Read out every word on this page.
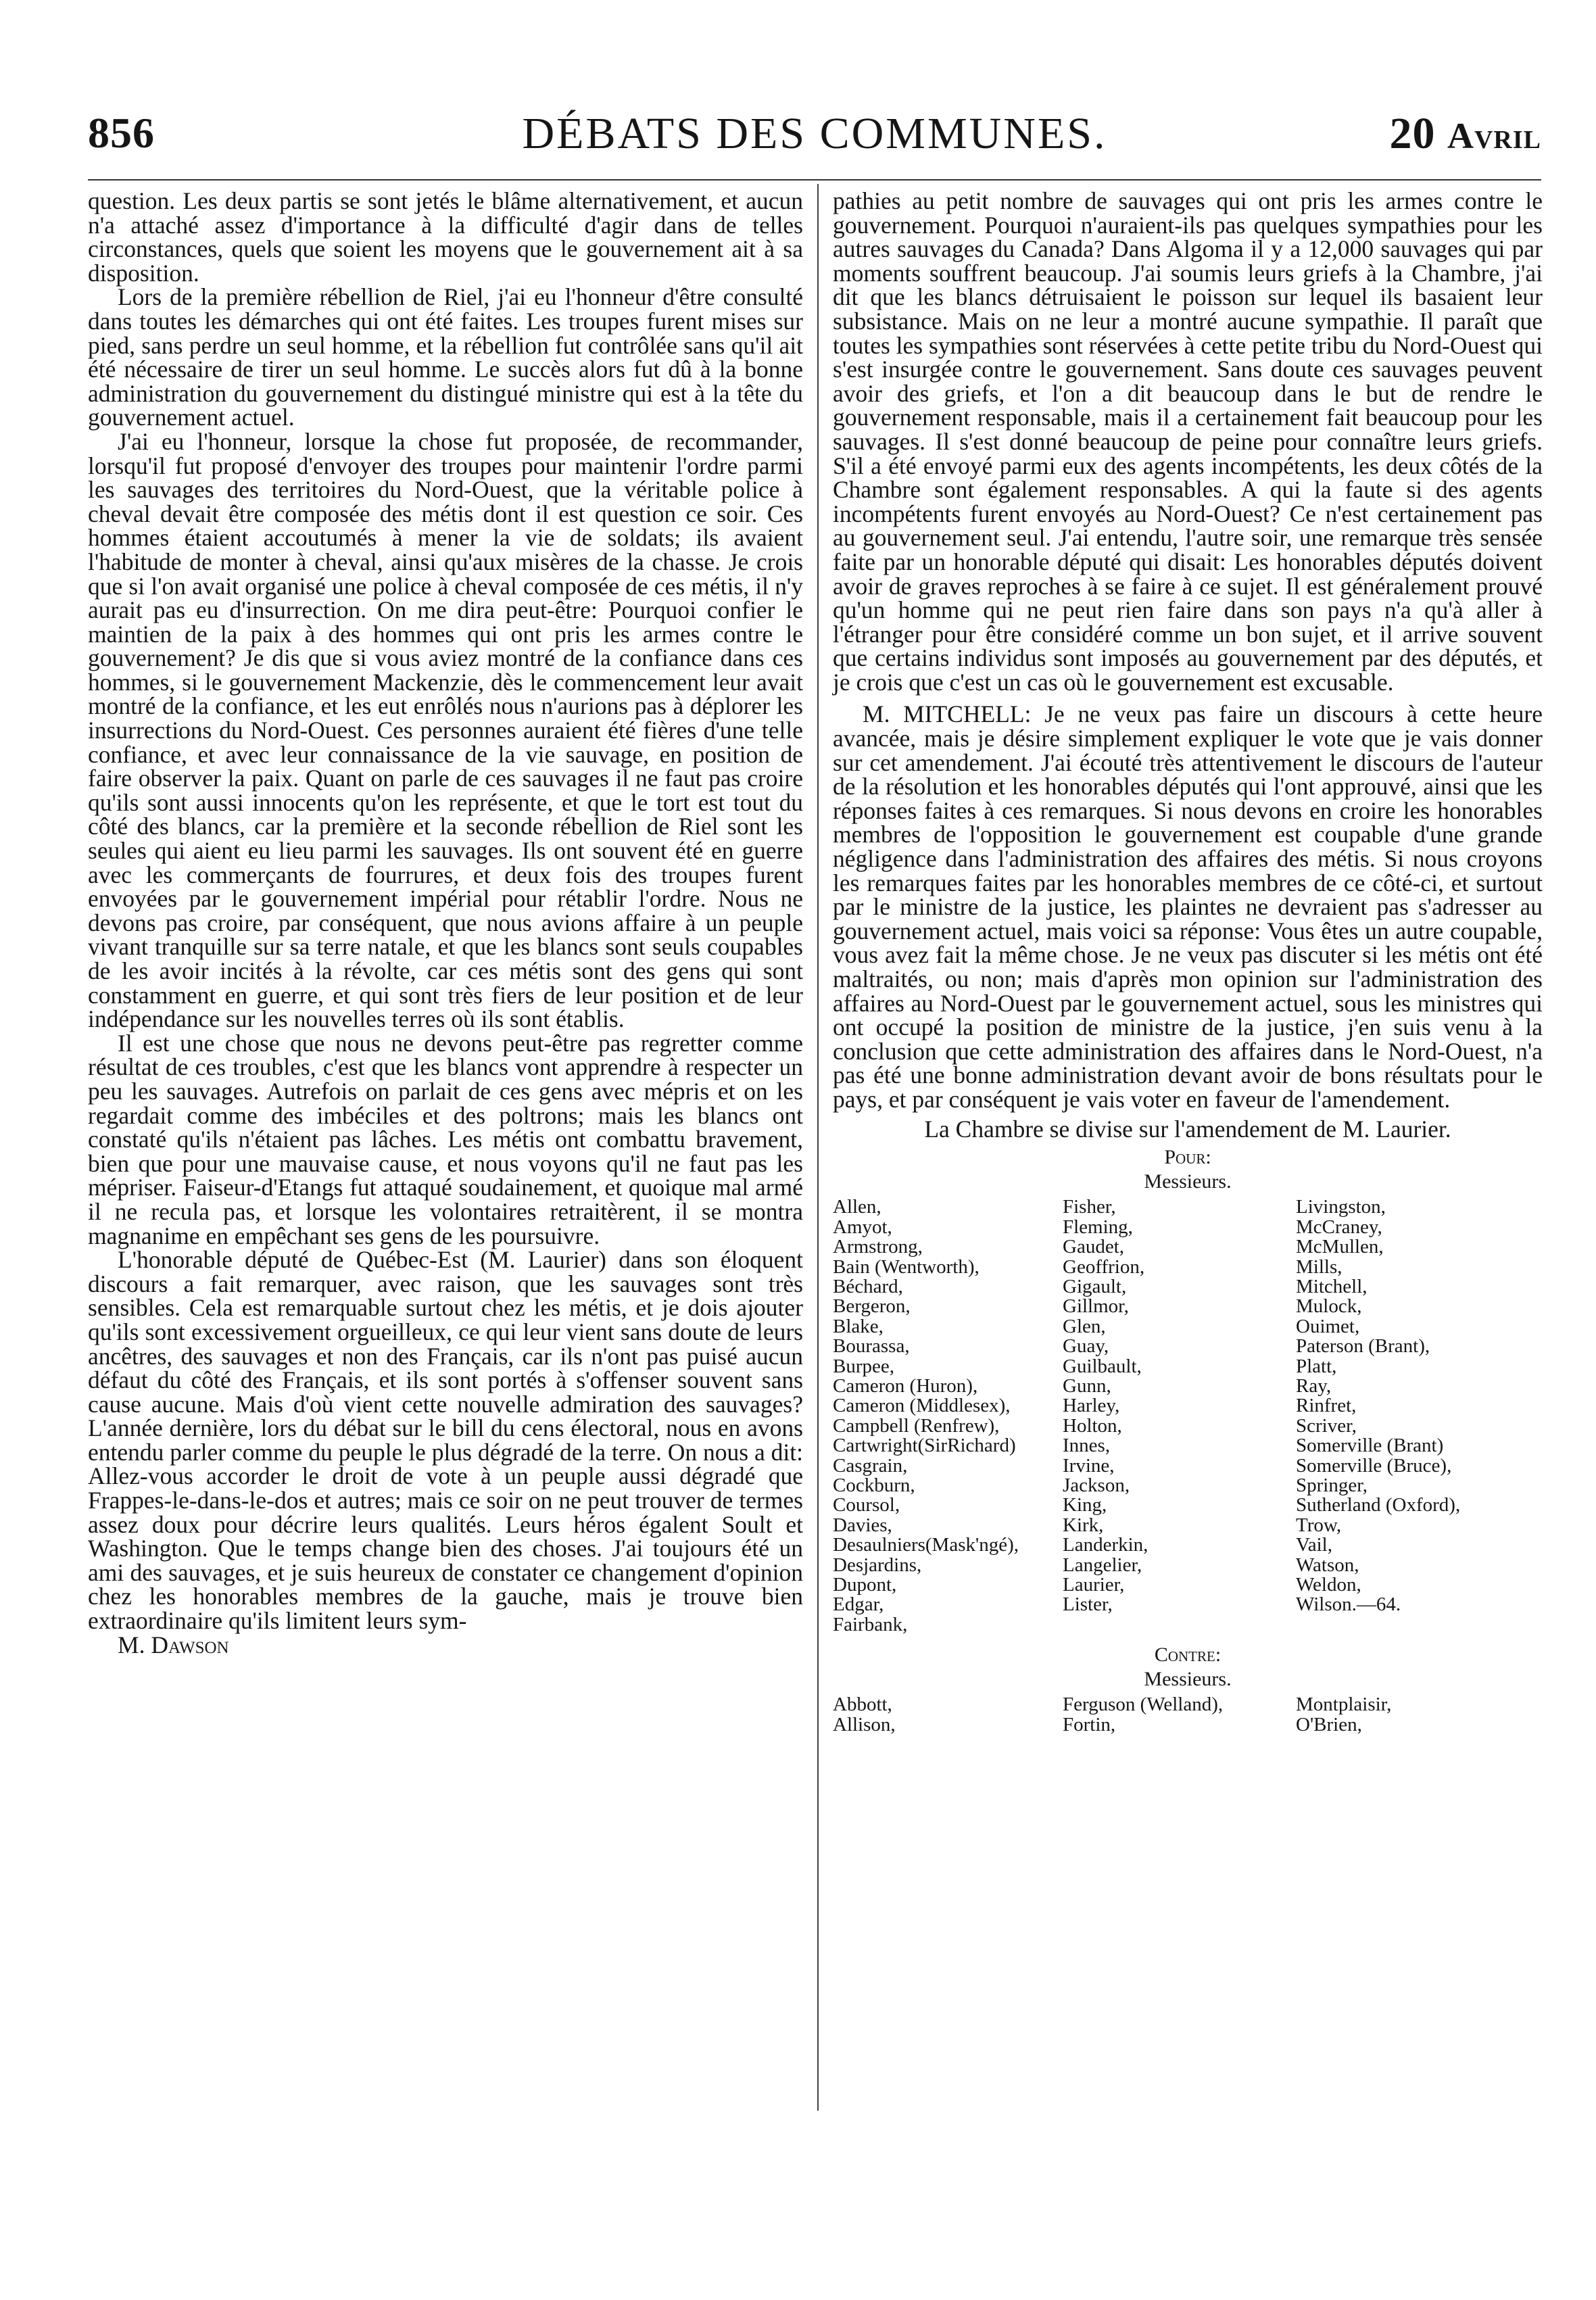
856	DÉBATS DES COMMUNES.	20 Avril

question. Les deux partis se sont jetés le blâme alternativement, et aucun n'a attaché assez d'importance à la difficulté d'agir dans de telles circonstances, quels que soient les moyens que le gouvernement ait à sa disposition.

Lors de la première rébellion de Riel, j'ai eu l'honneur d'être consulté dans toutes les démarches qui ont été faites. Les troupes furent mises sur pied, sans perdre un seul homme, et la rébellion fut contrôlée sans qu'il ait été nécessaire de tirer un seul homme. Le succès alors fut dû à la bonne administration du gouvernement du distingué ministre qui est à la tête du gouvernement actuel.

J'ai eu l'honneur, lorsque la chose fut proposée, de recommander, lorsqu'il fut proposé d'envoyer des troupes pour maintenir l'ordre parmi les sauvages des territoires du Nord-Ouest, que la véritable police à cheval devait être composée des métis dont il est question ce soir. Ces hommes étaient accoutumés à mener la vie de soldats; ils avaient l'habitude de monter à cheval, ainsi qu'aux misères de la chasse. Je crois que si l'on avait organisé une police à cheval composée de ces métis, il n'y aurait pas eu d'insurrection. On me dira peut-être: Pourquoi confier le maintien de la paix à des hommes qui ont pris les armes contre le gouvernement? Je dis que si vous aviez montré de la confiance dans ces hommes, si le gouvernement Mackenzie, dès le commencement leur avait montré de la confiance, et les eut enrôlés nous n'aurions pas à déplorer les insurrections du Nord-Ouest. Ces personnes auraient été fières d'une telle confiance, et avec leur connaissance de la vie sauvage, en position de faire observer la paix. Quant on parle de ces sauvages il ne faut pas croire qu'ils sont aussi innocents qu'on les représente, et que le tort est tout du côté des blancs, car la première et la seconde rébellion de Riel sont les seules qui aient eu lieu parmi les sauvages. Ils ont souvent été en guerre avec les commerçants de fourrures, et deux fois des troupes furent envoyées par le gouvernement impérial pour rétablir l'ordre. Nous ne devons pas croire, par conséquent, que nous avions affaire à un peuple vivant tranquille sur sa terre natale, et que les blancs sont seuls coupables de les avoir incités à la révolte, car ces métis sont des gens qui sont constamment en guerre, et qui sont très fiers de leur position et de leur indépendance sur les nouvelles terres où ils sont établis.

Il est une chose que nous ne devons peut-être pas regretter comme résultat de ces troubles, c'est que les blancs vont apprendre à respecter un peu les sauvages. Autrefois on parlait de ces gens avec mépris et on les regardait comme des imbéciles et des poltrons; mais les blancs ont constaté qu'ils n'étaient pas lâches. Les métis ont combattu bravement, bien que pour une mauvaise cause, et nous voyons qu'il ne faut pas les mépriser. Faiseur-d'Etangs fut attaqué soudainement, et quoique mal armé il ne recula pas, et lorsque les volontaires retraitèrent, il se montra magnanime en empêchant ses gens de les poursuivre.

L'honorable député de Québec-Est (M. Laurier) dans son éloquent discours a fait remarquer, avec raison, que les sauvages sont très sensibles. Cela est remarquable surtout chez les métis, et je dois ajouter qu'ils sont excessivement orgueilleux, ce qui leur vient sans doute de leurs ancêtres, des sauvages et non des Français, car ils n'ont pas puisé aucun défaut du côté des Français, et ils sont portés à s'offenser souvent sans cause aucune. Mais d'où vient cette nouvelle admiration des sauvages? L'année dernière, lors du débat sur le bill du cens électoral, nous en avons entendu parler comme du peuple le plus dégradé de la terre. On nous a dit: Allez-vous accorder le droit de vote à un peuple aussi dégradé que Frappes-le-dans-le-dos et autres; mais ce soir on ne peut trouver de termes assez doux pour décrire leurs qualités. Leurs héros égalent Soult et Washington. Que le temps change bien des choses. J'ai toujours été un ami des sauvages, et je suis heureux de constater ce changement d'opinion chez les honorables membres de la gauche, mais je trouve bien extraordinaire qu'ils limitent leurs sym-

M. Dawson

pathies au petit nombre de sauvages qui ont pris les armes contre le gouvernement. Pourquoi n'auraient-ils pas quelques sympathies pour les autres sauvages du Canada? Dans Algoma il y a 12,000 sauvages qui par moments souffrent beaucoup. J'ai soumis leurs griefs à la Chambre, j'ai dit que les blancs détruisaient le poisson sur lequel ils basaient leur subsistance. Mais on ne leur a montré aucune sympathie. Il paraît que toutes les sympathies sont réservées à cette petite tribu du Nord-Ouest qui s'est insurgée contre le gouvernement. Sans doute ces sauvages peuvent avoir des griefs, et l'on a dit beaucoup dans le but de rendre le gouvernement responsable, mais il a certainement fait beaucoup pour les sauvages. Il s'est donné beaucoup de peine pour connaître leurs griefs. S'il a été envoyé parmi eux des agents incompétents, les deux côtés de la Chambre sont également responsables. A qui la faute si des agents incompétents furent envoyés au Nord-Ouest? Ce n'est certainement pas au gouvernement seul. J'ai entendu, l'autre soir, une remarque très sensée faite par un honorable député qui disait: Les honorables députés doivent avoir de graves reproches à se faire à ce sujet. Il est généralement prouvé qu'un homme qui ne peut rien faire dans son pays n'a qu'à aller à l'étranger pour être considéré comme un bon sujet, et il arrive souvent que certains individus sont imposés au gouvernement par des députés, et je crois que c'est un cas où le gouvernement est excusable.

M. MITCHELL: Je ne veux pas faire un discours à cette heure avancée, mais je désire simplement expliquer le vote que je vais donner sur cet amendement. J'ai écouté très attentivement le discours de l'auteur de la résolution et les honorables députés qui l'ont approuvé, ainsi que les réponses faites à ces remarques. Si nous devons en croire les honorables membres de l'opposition le gouvernement est coupable d'une grande négligence dans l'administration des affaires des métis. Si nous croyons les remarques faites par les honorables membres de ce côté-ci, et surtout par le ministre de la justice, les plaintes ne devraient pas s'adresser au gouvernement actuel, mais voici sa réponse: Vous êtes un autre coupable, vous avez fait la même chose. Je ne veux pas discuter si les métis ont été maltraités, ou non; mais d'après mon opinion sur l'administration des affaires au Nord-Ouest par le gouvernement actuel, sous les ministres qui ont occupé la position de ministre de la justice, j'en suis venu à la conclusion que cette administration des affaires dans le Nord-Ouest, n'a pas été une bonne administration devant avoir de bons résultats pour le pays, et par conséquent je vais voter en faveur de l'amendement.

La Chambre se divise sur l'amendement de M. Laurier.

Pour:
Messieurs.
Allen,
Amyot,
Armstrong,
Bain (Wentworth),
Béchard,
Bergeron,
Blake,
Bourassa,
Burpee,
Cameron (Huron),
Cameron (Middlesex),
Campbell (Renfrew),
Cartwright(SirRichard)
Casgrain,
Cockburn,
Coursol,
Davies,
Desaulniers(Mask'ngé),
Desjardins,
Dupont,
Edgar,
Fairbank,
Fisher,
Fleming,
Gaudet,
Geoffrion,
Gigault,
Gillmor,
Glen,
Guay,
Guilbault,
Gunn,
Harley,
Holton,
Innes,
Irvine,
Jackson,
King,
Kirk,
Landerkin,
Langelier,
Laurier,
Lister,
Livingston,
McCraney,
McMullen,
Mills,
Mitchell,
Mulock,
Ouimet,
Paterson (Brant),
Platt,
Ray,
Rinfret,
Scriver,
Somerville (Brant)
Somerville (Bruce),
Springer,
Sutherland (Oxford),
Trow,
Vail,
Watson,
Weldon,
Wilson.—64.
Contre:
Messieurs.
Abbott,
Allison,
Ferguson (Welland),
Fortin,
Montplaisir,
O'Brien,
